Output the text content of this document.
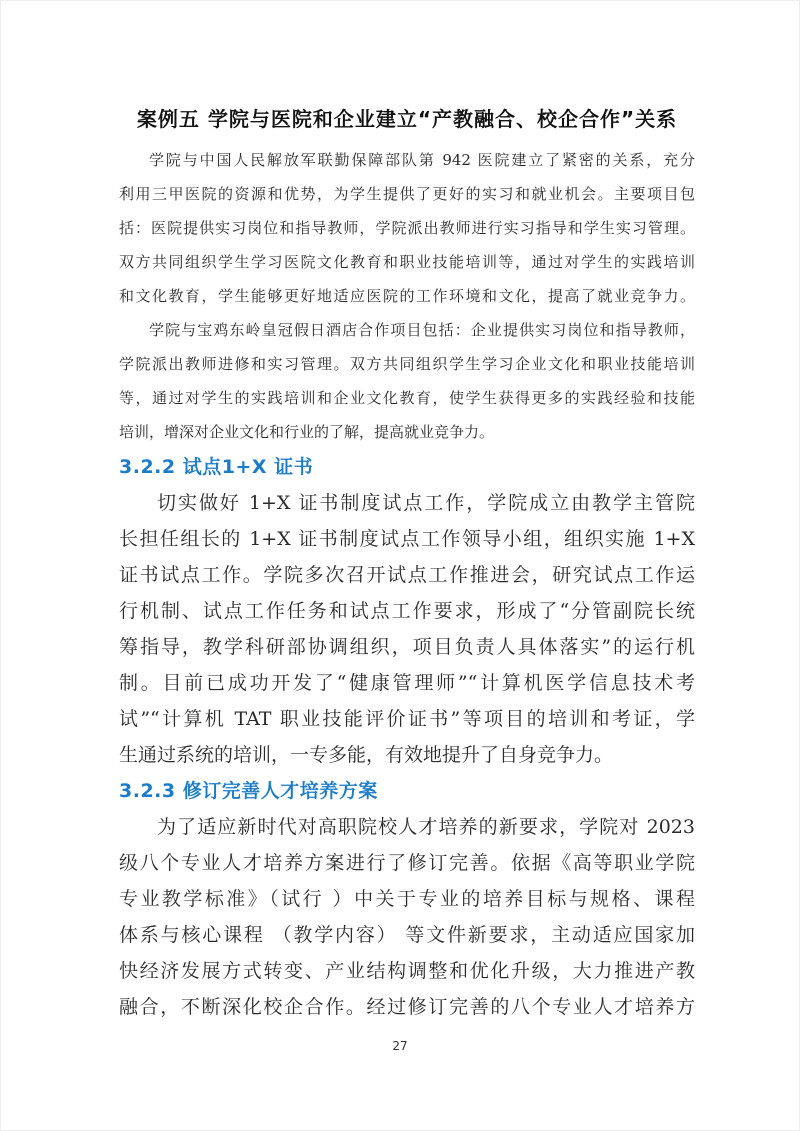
案例五 学院与医院和企业建立“产教融合、校企合作”关系
学院与中国人民解放军联勤保障部队第 942 医院建立了紧密的关系，充分
利用三甲医院的资源和优势，为学生提供了更好的实习和就业机会。主要项目包
括：医院提供实习岗位和指导教师，学院派出教师进行实习指导和学生实习管理。
双方共同组织学生学习医院文化教育和职业技能培训等，通过对学生的实践培训
和文化教育，学生能够更好地适应医院的工作环境和文化，提高了就业竞争力。
学院与宝鸡东岭皇冠假日酒店合作项目包括：企业提供实习岗位和指导教师，
学院派出教师进修和实习管理。双方共同组织学生学习企业文化和职业技能培训
等，通过对学生的实践培训和企业文化教育，使学生获得更多的实践经验和技能
培训，增深对企业文化和行业的了解，提高就业竞争力。
3.2.2 试点1+X 证书
切实做好 1+X 证书制度试点工作，学院成立由教学主管院
长担任组长的 1+X 证书制度试点工作领导小组，组织实施 1+X
证书试点工作。学院多次召开试点工作推进会，研究试点工作运
行机制、试点工作任务和试点工作要求，形成了“分管副院长统
筹指导，教学科研部协调组织，项目负责人具体落实”的运行机
制。目前已成功开发了“健康管理师”“计算机医学信息技术考
试”“计算机 TAT 职业技能评价证书”等项目的培训和考证，学
生通过系统的培训，一专多能，有效地提升了自身竞争力。
3.2.3 修订完善人才培养方案
为了适应新时代对高职院校人才培养的新要求，学院对 2023
级八个专业人才培养方案进行了修订完善。依据《高等职业学院
专业教学标准》（试行 ）中关于专业的培养目标与规格、课程
体系与核心课程 （教学内容） 等文件新要求，主动适应国家加
快经济发展方式转变、产业结构调整和优化升级，大力推进产教
融合，不断深化校企合作。经过修订完善的八个专业人才培养方
27
